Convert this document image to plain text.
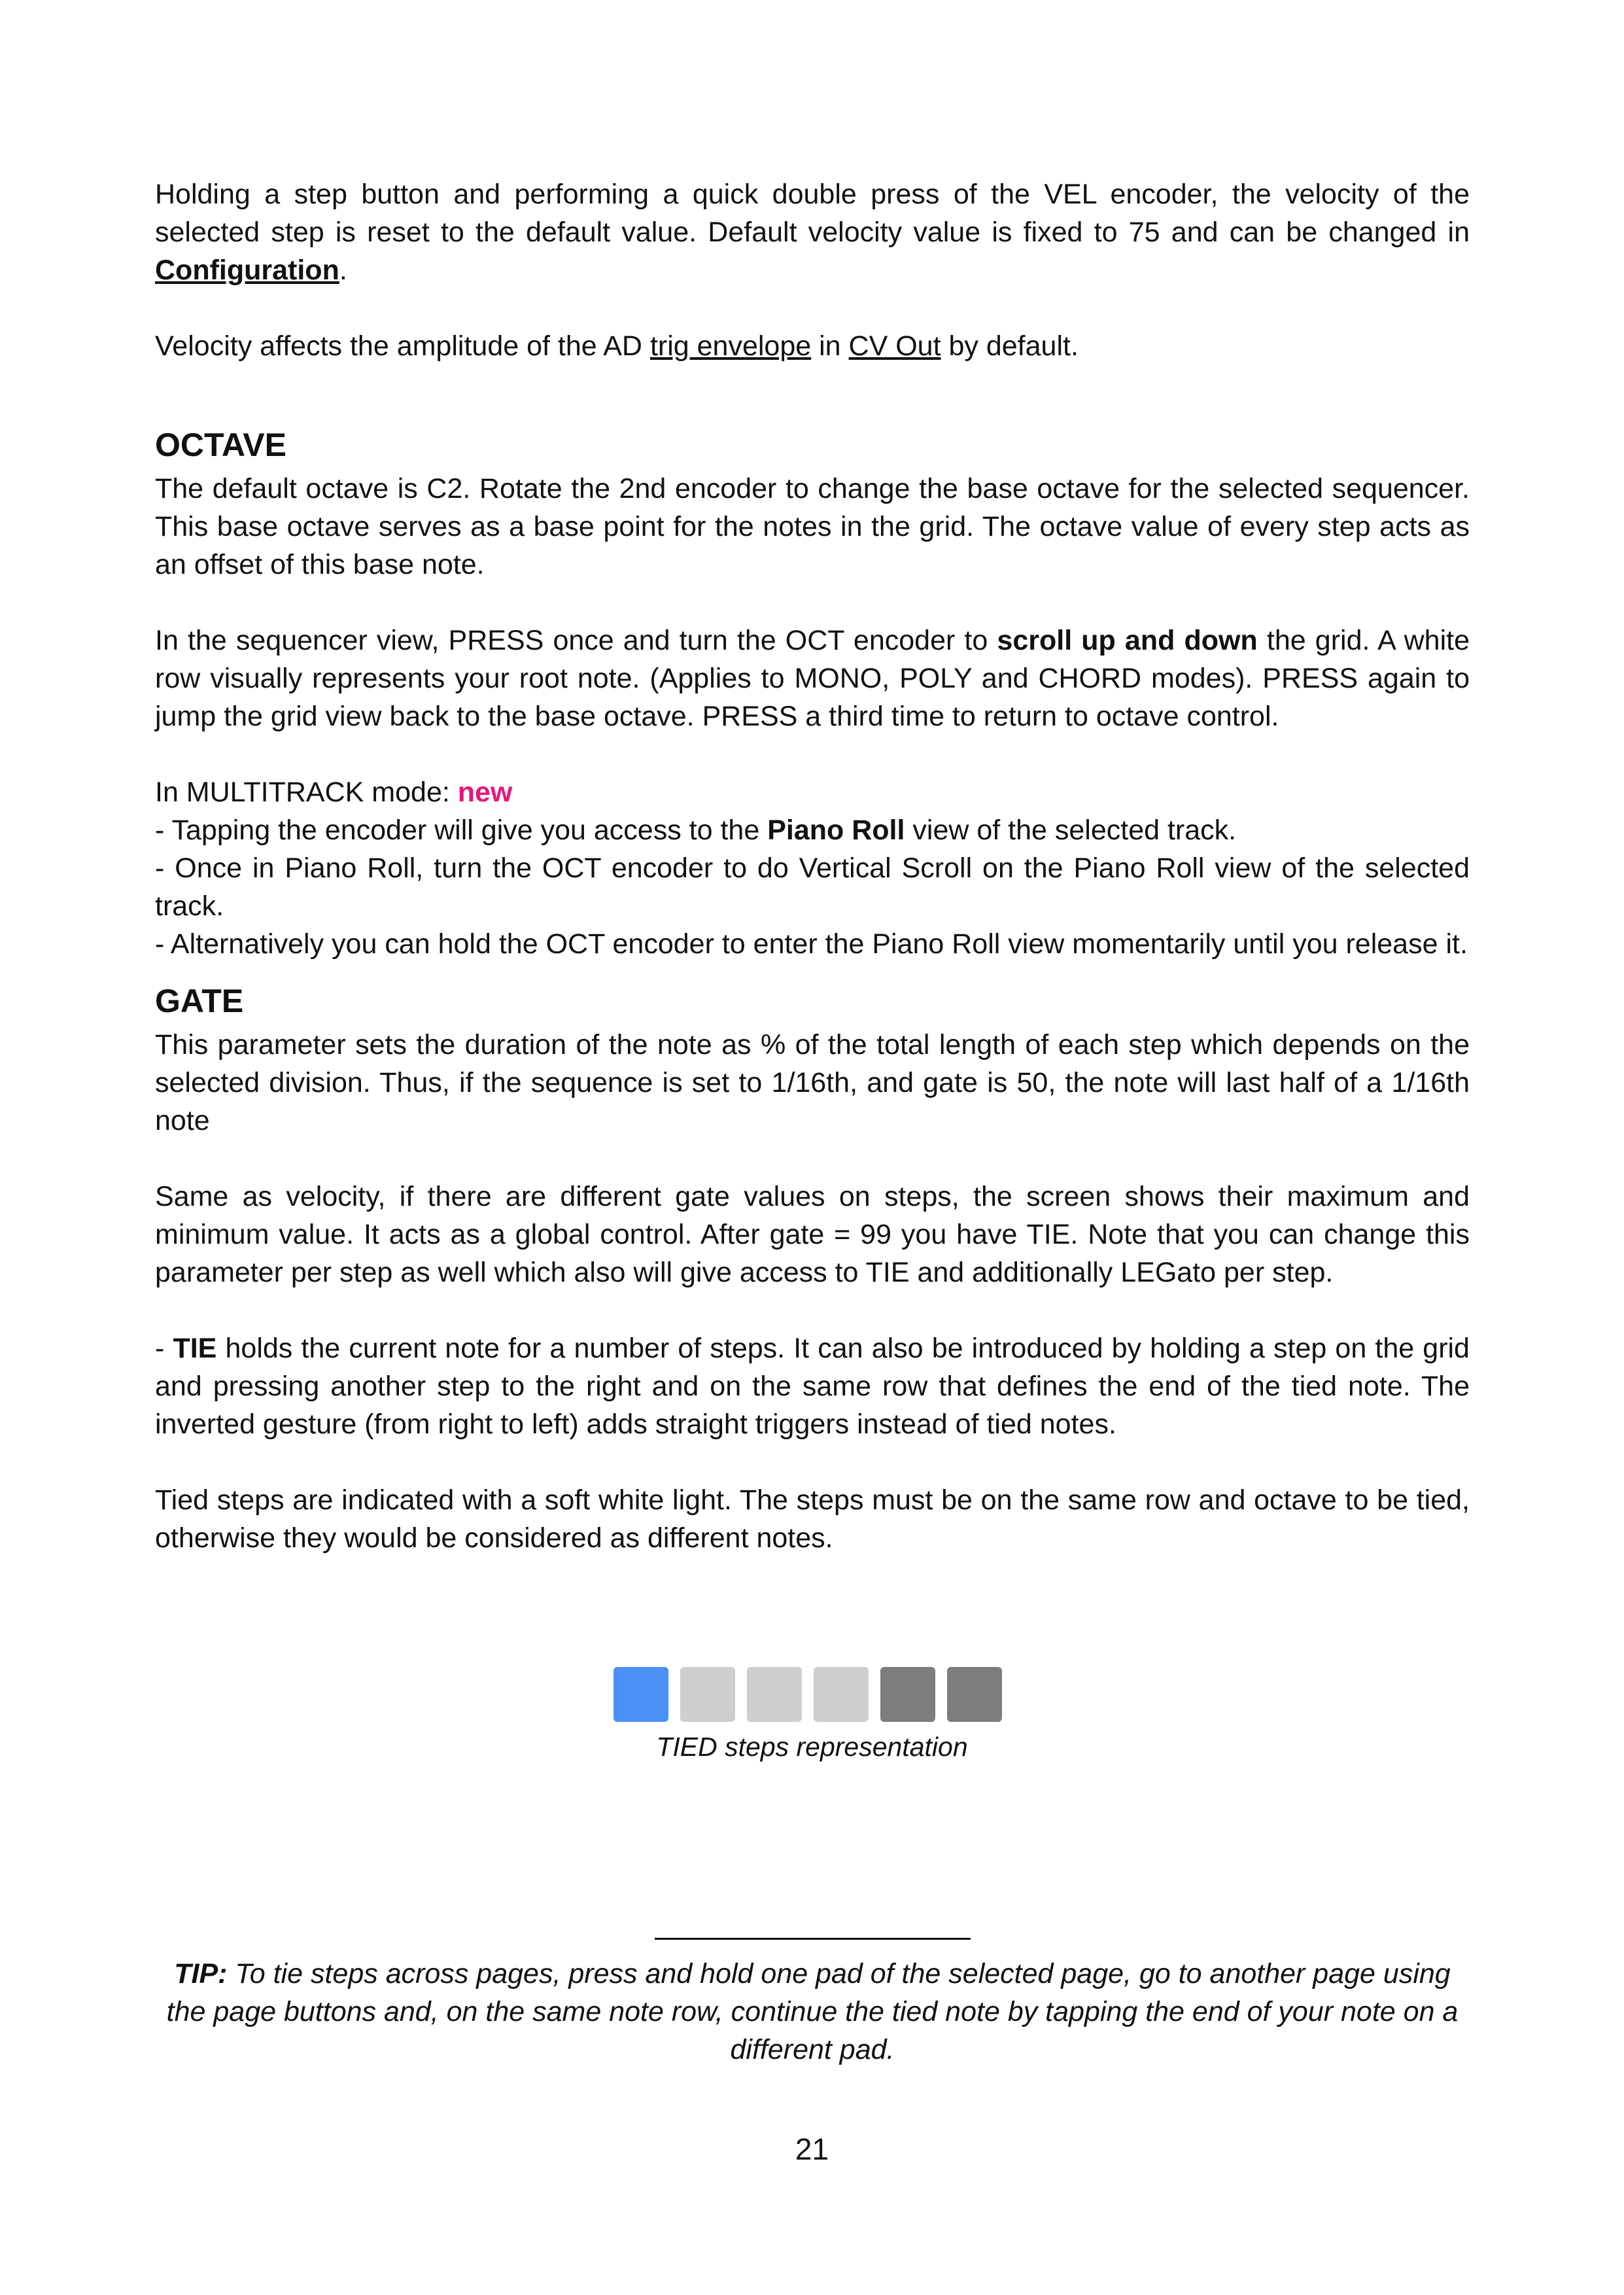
Holding a step button and performing a quick double press of the VEL encoder, the velocity of the selected step is reset to the default value. Default velocity value is fixed to 75 and can be changed in Configuration.

Velocity affects the amplitude of the AD trig envelope in CV Out by default.

OCTAVE

The default octave is C2. Rotate the 2nd encoder to change the base octave for the selected sequencer. This base octave serves as a base point for the notes in the grid. The octave value of every step acts as an offset of this base note.

In the sequencer view, PRESS once and turn the OCT encoder to scroll up and down the grid. A white row visually represents your root note. (Applies to MONO, POLY and CHORD modes). PRESS again to jump the grid view back to the base octave. PRESS a third time to return to octave control.

In MULTITRACK mode: new

- Tapping the encoder will give you access to the Piano Roll view of the selected track.

- Once in Piano Roll, turn the OCT encoder to do Vertical Scroll on the Piano Roll view of the selected track.

- Alternatively you can hold the OCT encoder to enter the Piano Roll view momentarily until you release it.

GATE

This parameter sets the duration of the note as % of the total length of each step which depends on the selected division. Thus, if the sequence is set to 1/16th, and gate is 50, the note will last half of a 1/16th note

Same as velocity, if there are different gate values on steps, the screen shows their maximum and minimum value. It acts as a global control. After gate = 99 you have TIE. Note that you can change this parameter per step as well which also will give access to TIE and additionally LEGato per step.

- TIE holds the current note for a number of steps. It can also be introduced by holding a step on the grid and pressing another step to the right and on the same row that defines the end of the tied note. The inverted gesture (from right to left) adds straight triggers instead of tied notes.

Tied steps are indicated with a soft white light. The steps must be on the same row and octave to be tied, otherwise they would be considered as different notes.

TIED steps representation
TIP: To tie steps across pages, press and hold one pad of the selected page, go to another page using the page buttons and, on the same note row, continue the tied note by tapping the end of your note on a different pad.
21
